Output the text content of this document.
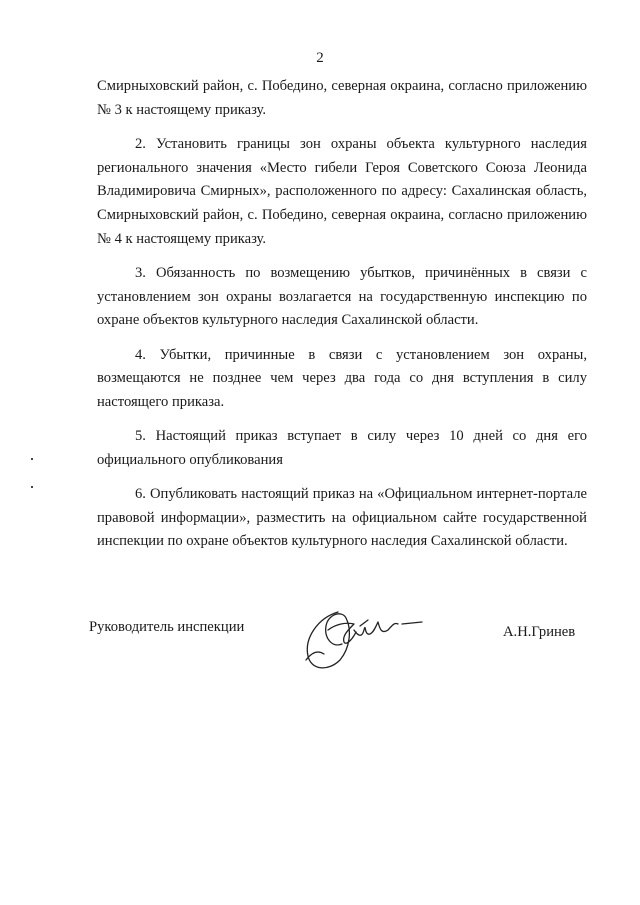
2

Смирныховский район, с. Победино, северная окраина, согласно приложению № 3 к настоящему приказу.

2. Установить границы зон охраны объекта культурного наследия регионального значения «Место гибели Героя Советского Союза Леонида Владимировича Смирных», расположенного по адресу: Сахалинская область, Смирныховский район, с. Победино, северная окраина, согласно приложению № 4 к настоящему приказу.

3. Обязанность по возмещению убытков, причинённых в связи с установлением зон охраны возлагается на государственную инспекцию по охране объектов культурного наследия Сахалинской области.

4. Убытки, причинные в связи с установлением зон охраны, возмещаются не позднее чем через два года со дня вступления в силу настоящего приказа.

5. Настоящий приказ вступает в силу через 10 дней со дня его официального опубликования

6. Опубликовать настоящий приказ на «Официальном интернет-портале правовой информации», разместить на официальном сайте государственной инспекции по охране объектов культурного наследия Сахалинской области.

Руководитель инспекции	А.Н.Гринев
